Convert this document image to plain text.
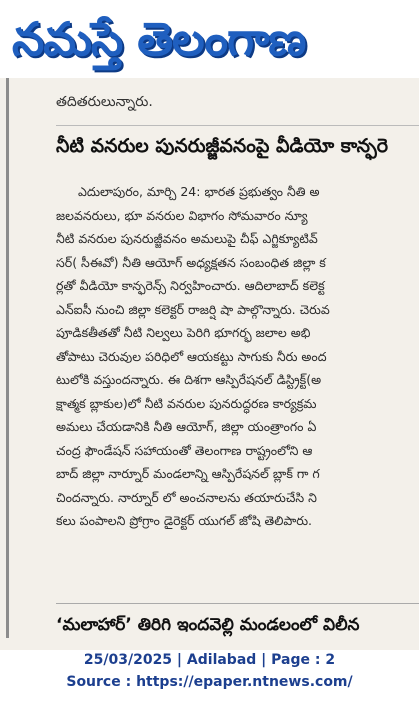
నమస్తే తెలంగాణ
తదితరులున్నారు.
నీటి వనరుల పునరుజ్జీవనంపై వీడియో కాన్ఫరె
ఎదులాపురం, మార్చి 24: భారత ప్రభుత్వం నీతి అ
జలవనరులు, భూ వనరుల విభాగం సోమవారం న్యూ
నీటి వనరుల పునరుజ్జీవనం అమలుపై చీఫ్ ఎగ్జిక్యూటివ్
సర్( సీఈవో) నీతి ఆయోగ్ అధ్యక్షతన సంబంధిత జిల్లా క
ర్లతో వీడియో కాన్ఫరెన్స్ నిర్వహించారు. ఆదిలాబాద్ కలెక్ట
ఎన్ఐసీ నుంచి జిల్లా కలెక్టర్ రాజర్షి షా పాల్గొన్నారు. చెరువ
పూడికతీతతో నీటి నిల్వలు పెరిగి భూగర్భ జలాల అభి
తోపాటు చెరువుల పరిధిలో ఆయకట్టు సాగుకు నీరు అంద
టులోకి వస్తుందన్నారు. ఈ దిశగా ఆస్పిరేషనల్ డిస్ట్రిక్ట్(అ
క్షాత్మక బ్లాకుల)లో నీటి వనరుల పునరుద్ధరణ కార్యక్రమ
అమలు చేయడానికి నీతి ఆయోగ్, జిల్లా యంత్రాంగం ఏ
చంద్ర ఫౌండేషన్ సహాయంతో తెలంగాణ రాష్ట్రంలోని ఆ
బాద్ జిల్లా నార్నూర్ మండలాన్ని ఆస్పిరేషనల్ బ్లాక్ గా గ
చిందన్నారు. నార్నూర్ లో అంచనాలను తయారుచేసి ని
కలు పంపాలని ప్రోగ్రాం డైరెక్టర్ యుగల్ జోషి తెలిపారు.
‘మలాహార్’ తిరిగి ఇందవెల్లి మండలంలో విలీన
25/03/2025 | Adilabad | Page : 2
Source : https://epaper.ntnews.com/
